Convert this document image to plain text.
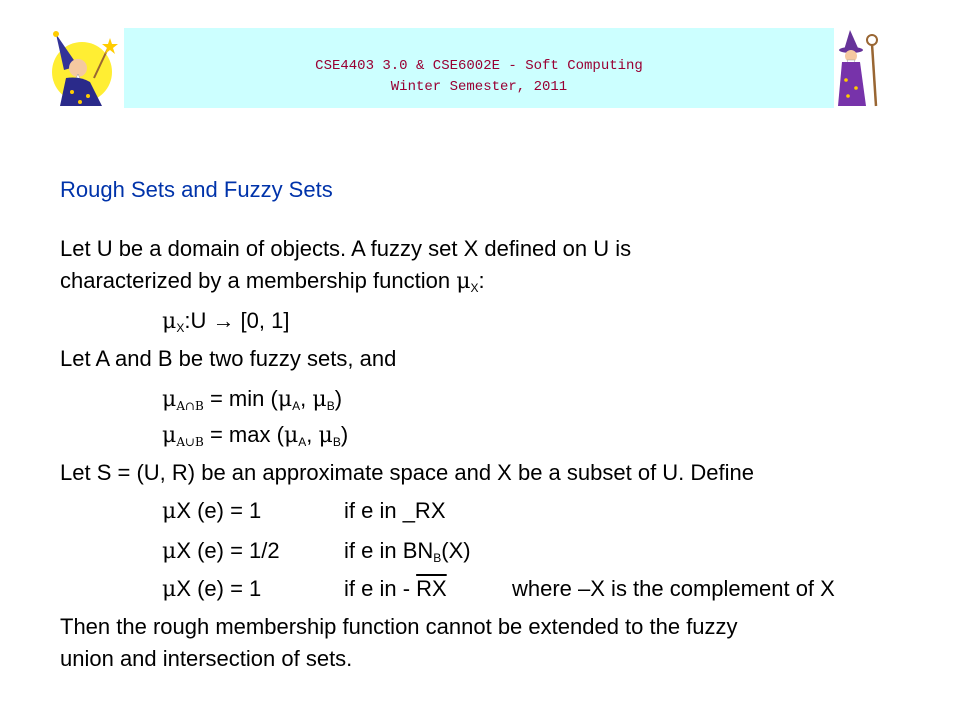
CSE4403 3.0 & CSE6002E - Soft Computing
Winter Semester, 2011
Rough Sets and Fuzzy Sets
Let U be a domain of objects. A fuzzy set X defined on U is
characterized by a membership function $\mu_X$:
$\mu_X:U \to [0$, 1]
Let A and B be two fuzzy sets, and
$\mu_{A\cap B} = \min (\mu_A$, $\mu_B$)
$\mu_{A\cup B} = \max (\mu_A$, $\mu_B$)
Let S = (U, R) be an approximate space and X be a subset of U. Define
μX (e) = 1	if e in _RX
μX (e) = 1/2	if e in $BN_B(X)$
μX (e) = 1	if e in - $\overline{RX}$	where –X is the complement of X
Then the rough membership function cannot be extended to the fuzzy
union and intersection of sets.
